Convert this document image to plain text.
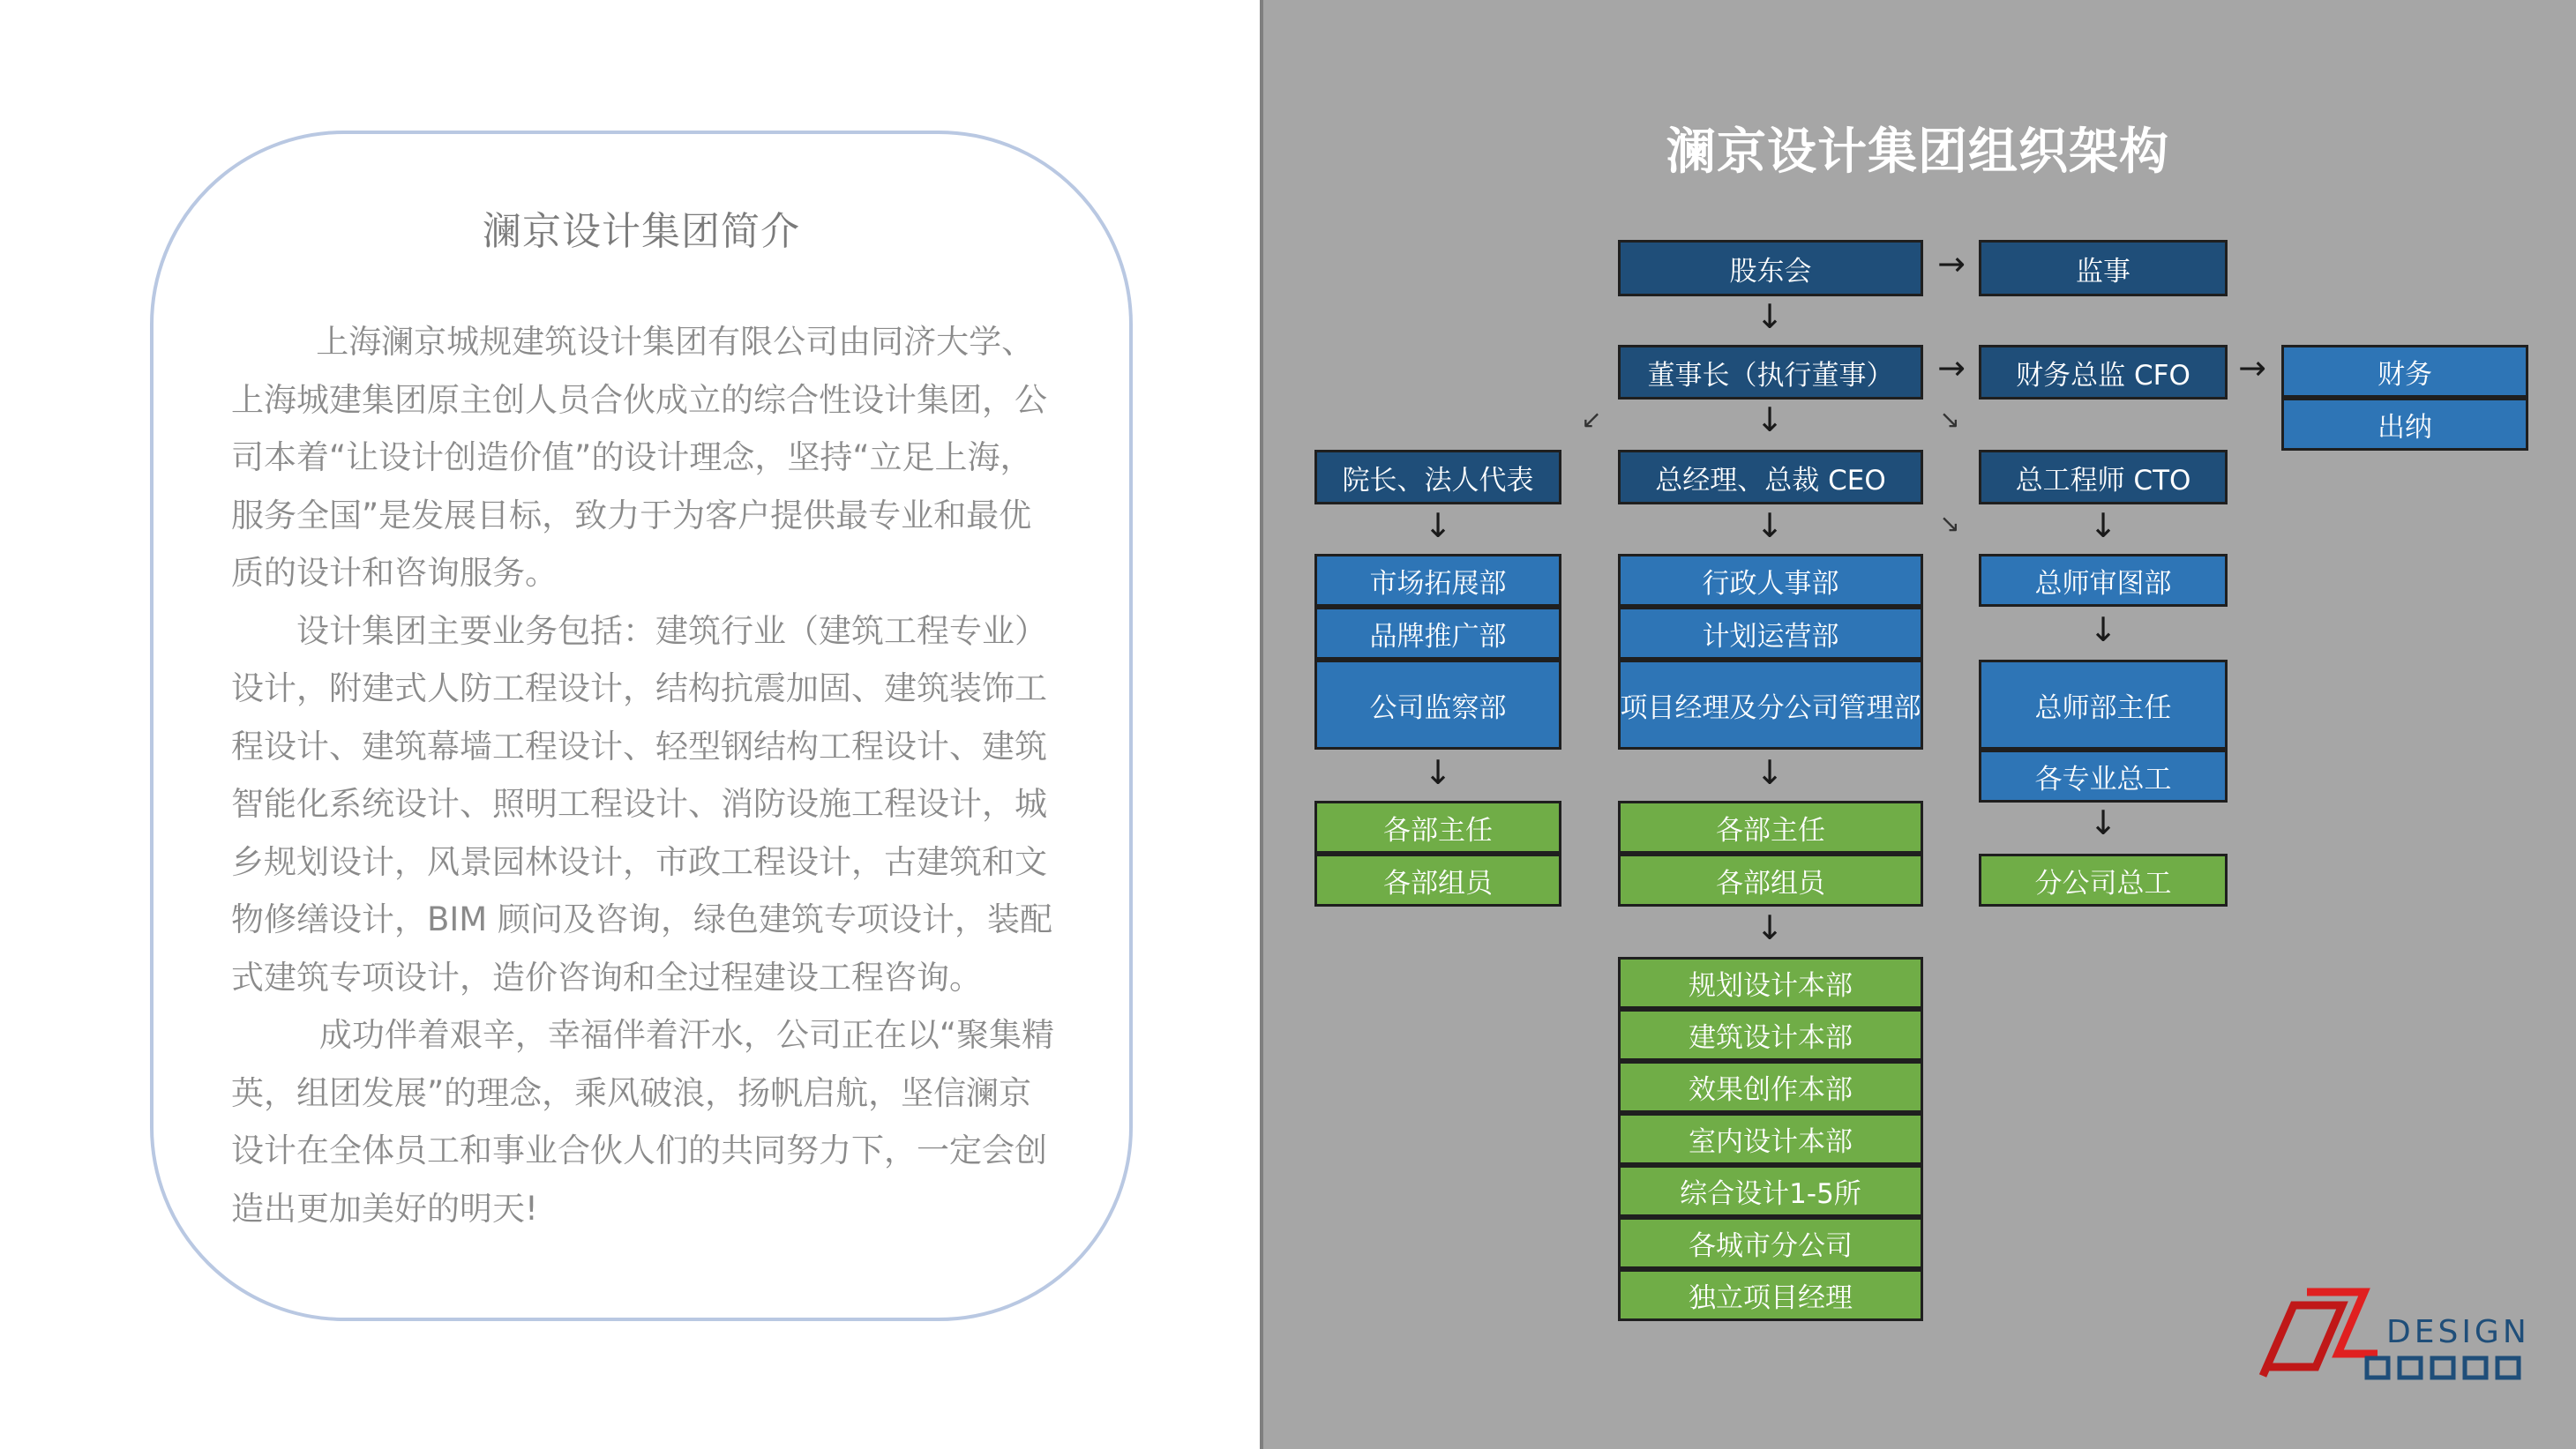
澜京设计集团简介

上海澜京城规建筑设计集团有限公司由同济大学、上海城建集团原主创人员合伙成立的综合性设计集团，公司本着“让设计创造价值”的设计理念，坚持“立足上海，服务全国”是发展目标，致力于为客户提供最专业和最优质的设计和咨询服务。

设计集团主要业务包括：建筑行业（建筑工程专业）设计，附建式人防工程设计，结构抗震加固、建筑装饰工程设计、建筑幕墙工程设计、轻型钢结构工程设计、建筑智能化系统设计、照明工程设计、消防设施工程设计，城乡规划设计，风景园林设计，市政工程设计，古建筑和文物修缮设计，BIM 顾问及咨询，绿色建筑专项设计，装配式建筑专项设计，造价咨询和全过程建设工程咨询。

成功伴着艰辛，幸福伴着汗水，公司正在以“聚集精英，组团发展”的理念，乘风破浪，扬帆启航，坚信澜京设计在全体员工和事业合伙人们的共同努力下，一定会创造出更加美好的明天!

澜京设计集团组织架构
股东会	→	监事
↓
董事长（执行董事）	→	财务总监 CFO	→	财务
出纳
↙	↓	↘
院长、法人代表	总经理、总裁 CEO	总工程师 CTO
↓	↓	↘	↓
市场拓展部
品牌推广部
公司监察部
行政人事部
计划运营部
项目经理及分公司管理部
总师审图部
↓
总师部主任
各专业总工
↓	↓
↓
各部主任
各部组员
各部主任
各部组员	分公司总工
↓
规划设计本部
建筑设计本部
效果创作本部
室内设计本部
综合设计1-5所
各城市分公司
独立项目经理
DESIGN
